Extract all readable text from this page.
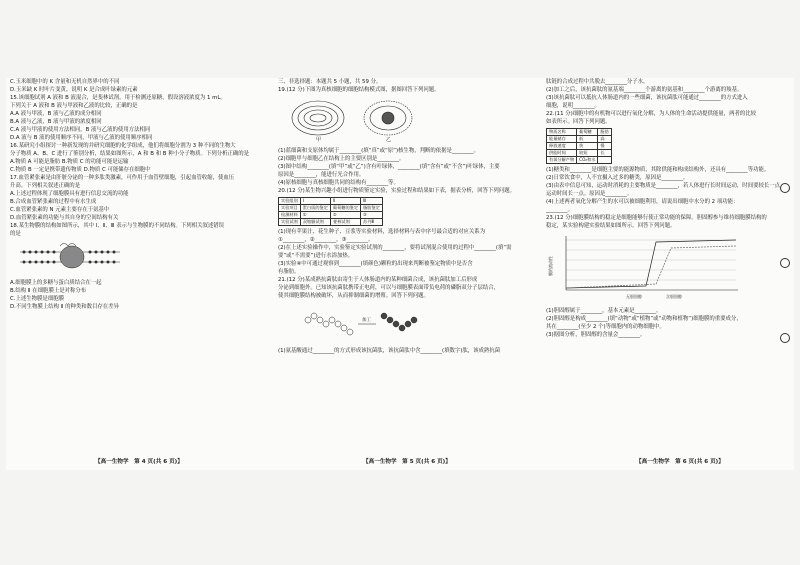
C.玉米细胞中的 K 含量和无机自然界中的不同

D.玉米缺 K 时叶片变黄，说明 K 是合成叶绿素的元素

15.该细胞试剂 A 液和 B 液混合，是斐林试剂，用于检测还原糖，假设溶液浓度为 1 mL。

下列关于 A 液和 B 液与甲液和乙液的比较，正确的是

A.A 液与甲液，B 液与乙液的成分相同

B.A 液与乙液，B 液与甲液的浓度相同

C.A 液与甲液的使用方法相同，B 液与乙液的使用方法相同

D.A 液与 B 液的使用顺序不同，甲液与乙液的使用顺序相同

16.某研究小组探讨一种新发现的并研究细胞的化学组成，他们将细胞分割为 3 种不同的生物大

分子物质 A、B、C 进行了鉴别分析，结果如图所示，A 和 B 和 B 种小分子物质。下列分析正确的是

A.物质 A 可能是脂肪 B.物质 C 的功能可能是运输

C.物质 B 一定是携带遗传物质 D.物质 C 可能储存在细胞中

17.血管紧张素是由肝脏分泌的一种多肽类激素，可作用于血管壁细胞，引起血管收缩，使血压

升高。下列相关叙述正确的是

A.上述过程体现了细胞膜具有进行信息交流的功能

B.合成血管紧张素的过程中有水生成

C.血管紧张素的 N 元素主要存在于氨基中

D.血管紧张素的功能与其自身的空间结构有关

18.某生物膜的结构如图所示，其中 Ⅰ、Ⅱ、Ⅲ 表示与生物膜的不同结构。下列相关叙述错误

的是

A.细胞膜上的多糖与蛋白质结合在一起

B.结构 Ⅱ 在细胞膜上是对称分布

C.上述生物膜是细胞膜

D.不同生物膜上结构 Ⅱ 的种类和数目存在差异

【高一生物学　第 4 页(共 6 页)】

三、非选择题：本题共 5 小题，共 59 分。

19.(12 分)下图为真核细胞的细胞结构模式图，据图回答下列问题。

甲	乙

(1)蓝细菌和支原体均属于________(填“真”或“原”)核生物，判断的依据是________。

(2)细胞甲与细胞乙在结构上的主要区别是________。

(3)图中结构________(填“甲”或“乙”)含有叶绿体，________(填“含有”或“不含”)叶绿体，主要

原因是________，能进行光合作用。

(4)原核细胞与真核细胞共同的结构有________等。

20.(12 分)某生物兴趣小组进行物质鉴定实验，实验过程和结果如下表，据表分析，回答下列问题。

实验组别	Ⅰ	Ⅱ	Ⅲ
实验项目	蛋白质的鉴定	葡萄糖的鉴定	脂肪鉴定
检测材料	①	②	③
实验试剂	双缩脲试剂	斐林试剂	苏丹Ⅲ

(1)现有苹果汁、花生种子、豆浆等实验材料，选择材料与表中序号最合适的对应关系为

①________，②________，③________。

(2)在上述实验操作中，实验鉴定实验试剂的________，要将试剂混合使用的过程中________(填“需

要”或“不需要”)进行水浴加热。

(3)实验④中可通过观察到________(填颜色)颗粒的出现来判断被鉴定物质中是否含

有脂肪。

21.(12 分)某成熟抗菌肽由寄生于人体肠道内的某种细菌合成，该抗菌肽加工后形成

分泌到细胞外。已知该抗菌肽携带正电荷，可以与细胞膜表面带负电荷的磷脂双分子层结合，

使其细胞膜结构被破坏，从而抑制细菌的增殖。回答下列问题。

加工

(1)氨基酸通过________的方式形成该抗菌肽，该抗菌肽中含________(填数字)肽，该成熟抗菌

【高一生物学　第 5 页(共 6 页)】

肽链的合成过程中共脱去________分子水。

(2)加工之后，该抗菌肽的氨基端________个游离的氨基和________个游离的羧基。

(3)该抗菌肽可以抵抗人体肠道内的一些细菌，该抗菌肽可能通过________的方式进入

细胞，说明________。

22.(11 分)细胞中的有机物可以进行氧化分解，为人体的生命活动提供能量，两者的比较

如表所示。回答下列问题。

物质名称	葡萄糖	脂肪
能量储存	低	高
释放速度	快	慢
供能时间	较短	长
有氧分解产物	CO₂和水	

(1)糖类和________是细胞主要的能源物质，其除供能和构成结构外，还具有________等功能。

(2)日常饮食中，人不宜摄入过多的糖类，原因是________。

(3)由表中信息可知，运动时消耗的主要物质是________，若人体进行长时间运动，时间要较长一点，

运动时间长一点。原因是________。

(4)上述两者氧化分解产生的水可以被细胞利用，请说出细胞中水分的 2 项功能：

________。

23.(12 分)细胞膜结构的稳定是细胞能够行使正常功能的保障。胆固醇参与维持细胞膜结构的

稳定，某实验构建实验结果如图所示。回答下列问题。

膜的流动性
无胆固醇	含胆固醇

(1)胆固醇属于________，基本元素是________。

(2)胆固醇是构成________(填“动物”或“植物”或“动物和植物”)细胞膜的重要成分，

其在________(至少 2 个)等细胞内的动物细胞中。

(3)据图分析，胆固醇的含量会________。

【高一生物学　第 6 页(共 6 页)】
